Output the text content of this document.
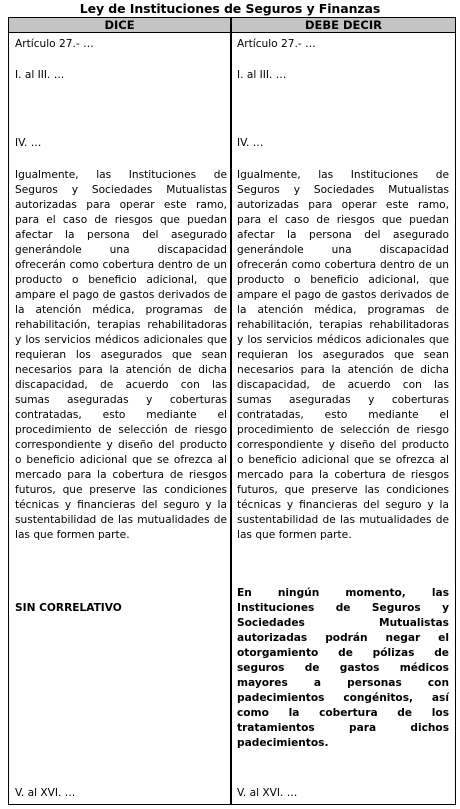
Ley de Instituciones de Seguros y Finanzas
DICE	DEBE DECIR
Artículo 27.- …
I. al III. …
IV. …
Igualmente, las Instituciones de Seguros y Sociedades Mutualistas autorizadas para operar este ramo, para el caso de riesgos que puedan afectar la persona del asegurado generándole una discapacidad ofrecerán como cobertura dentro de un producto o beneficio adicional, que ampare el pago de gastos derivados de la atención médica, programas de rehabilitación, terapias rehabilitadoras y los servicios médicos adicionales que requieran los asegurados que sean necesarios para la atención de dicha discapacidad, de acuerdo con las sumas aseguradas y coberturas contratadas, esto mediante el procedimiento de selección de riesgo correspondiente y diseño del producto o beneficio adicional que se ofrezca al mercado para la cobertura de riesgos futuros, que preserve las condiciones técnicas y financieras del seguro y la sustentabilidad de las mutualidades de las que formen parte.
SIN CORRELATIVO
V. al XVI. …
Artículo 27.- …
I. al III. …
IV. …
Igualmente, las Instituciones de Seguros y Sociedades Mutualistas autorizadas para operar este ramo, para el caso de riesgos que puedan afectar la persona del asegurado generándole una discapacidad ofrecerán como cobertura dentro de un producto o beneficio adicional, que ampare el pago de gastos derivados de la atención médica, programas de rehabilitación, terapias rehabilitadoras y los servicios médicos adicionales que requieran los asegurados que sean necesarios para la atención de dicha discapacidad, de acuerdo con las sumas aseguradas y coberturas contratadas, esto mediante el procedimiento de selección de riesgo correspondiente y diseño del producto o beneficio adicional que se ofrezca al mercado para la cobertura de riesgos futuros, que preserve las condiciones técnicas y financieras del seguro y la sustentabilidad de las mutualidades de las que formen parte.
En ningún momento, las Instituciones de Seguros y Sociedades Mutualistas autorizadas podrán negar el otorgamiento de pólizas de seguros de gastos médicos mayores a personas con padecimientos congénitos, así como la cobertura de los tratamientos para dichos padecimientos.
V. al XVI. …
